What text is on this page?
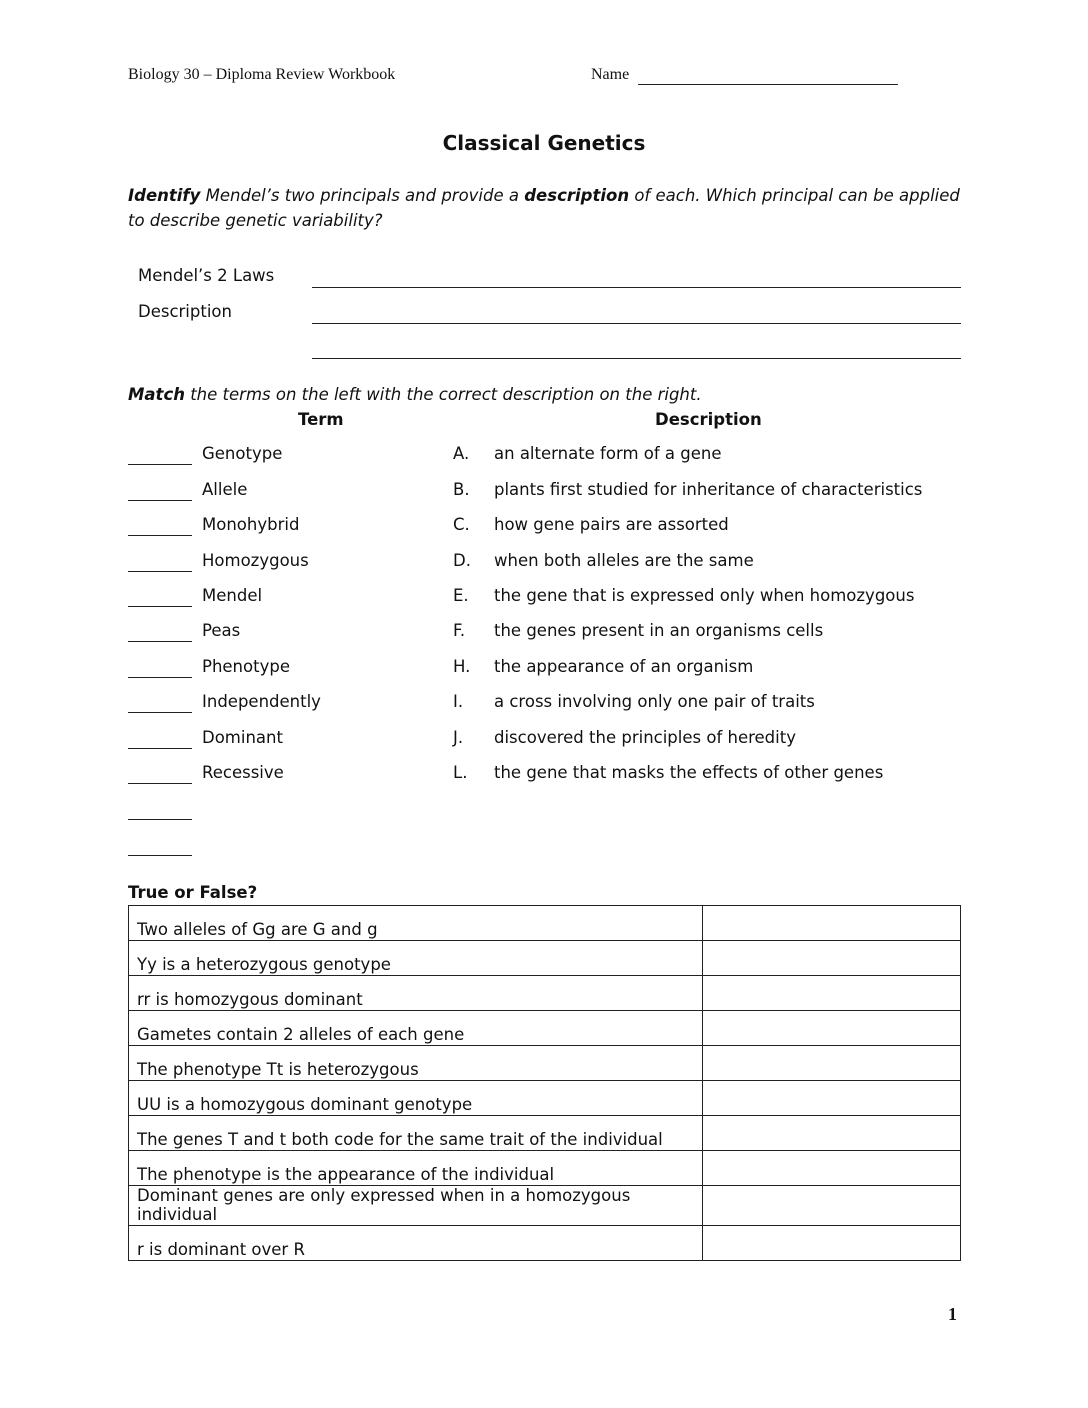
Biology 30 – Diploma Review Workbook	Name
Classical Genetics
Identify Mendel’s two principals and provide a description of each. Which principal can be applied to describe genetic variability?
Mendel’s 2 Laws
Description
Match the terms on the left with the correct description on the right.
Term	Description
Genotype	A. an alternate form of a gene
Allele	B. plants first studied for inheritance of characteristics
Monohybrid	C. how gene pairs are assorted
Homozygous	D. when both alleles are the same
Mendel	E. the gene that is expressed only when homozygous
Peas	F. the genes present in an organisms cells
Phenotype	H. the appearance of an organism
Independently	I. a cross involving only one pair of traits
Dominant	J. discovered the principles of heredity
Recessive	L. the gene that masks the effects of other genes
True or False?
Two alleles of Gg are G and g	
Yy is a heterozygous genotype	
rr is homozygous dominant	
Gametes contain 2 alleles of each gene	
The phenotype Tt is heterozygous	
UU is a homozygous dominant genotype	
The genes T and t both code for the same trait of the individual	
The phenotype is the appearance of the individual	
Dominant genes are only expressed when in a homozygous individual	
r is dominant over R	
1
